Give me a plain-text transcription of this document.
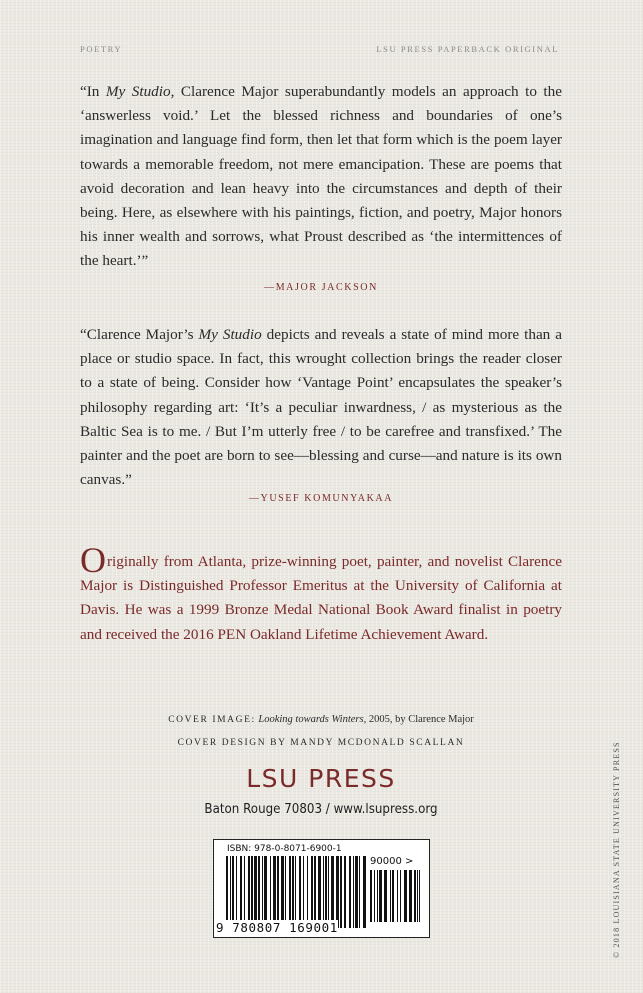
POETRY	LSU PRESS PAPERBACK ORIGINAL
“In My Studio, Clarence Major superabundantly models an approach to the ‘answerless void.’ Let the blessed richness and boundaries of one’s imagination and language find form, then let that form which is the poem layer towards a memorable freedom, not mere emancipation. These are poems that avoid decoration and lean heavy into the circumstances and depth of their being. Here, as elsewhere with his paintings, fiction, and poetry, Major honors his inner wealth and sorrows, what Proust described as ‘the intermittences of the heart.’”
—MAJOR JACKSON
“Clarence Major’s My Studio depicts and reveals a state of mind more than a place or studio space. In fact, this wrought collection brings the reader closer to a state of being. Consider how ‘Vantage Point’ encapsulates the speaker’s philosophy regarding art: ‘It’s a peculiar inwardness, / as mysterious as the Baltic Sea is to me. / But I’m utterly free / to be carefree and transfixed.’ The painter and the poet are born to see—blessing and curse—and nature is its own canvas.”
—YUSEF KOMUNYAKAA
Originally from Atlanta, prize-winning poet, painter, and novelist Clarence Major is Distinguished Professor Emeritus at the University of California at Davis. He was a 1999 Bronze Medal National Book Award finalist in poetry and received the 2016 PEN Oakland Lifetime Achievement Award.
COVER IMAGE: Looking towards Winters, 2005, by Clarence Major
COVER DESIGN BY MANDY MCDONALD SCALLAN
LSU PRESS
Baton Rouge 70803 / www.lsupress.org
ISBN: 978-0-8071-6900-1
90000 >
9 780807 169001	© 2018 LOUISIANA STATE UNIVERSITY PRESS
